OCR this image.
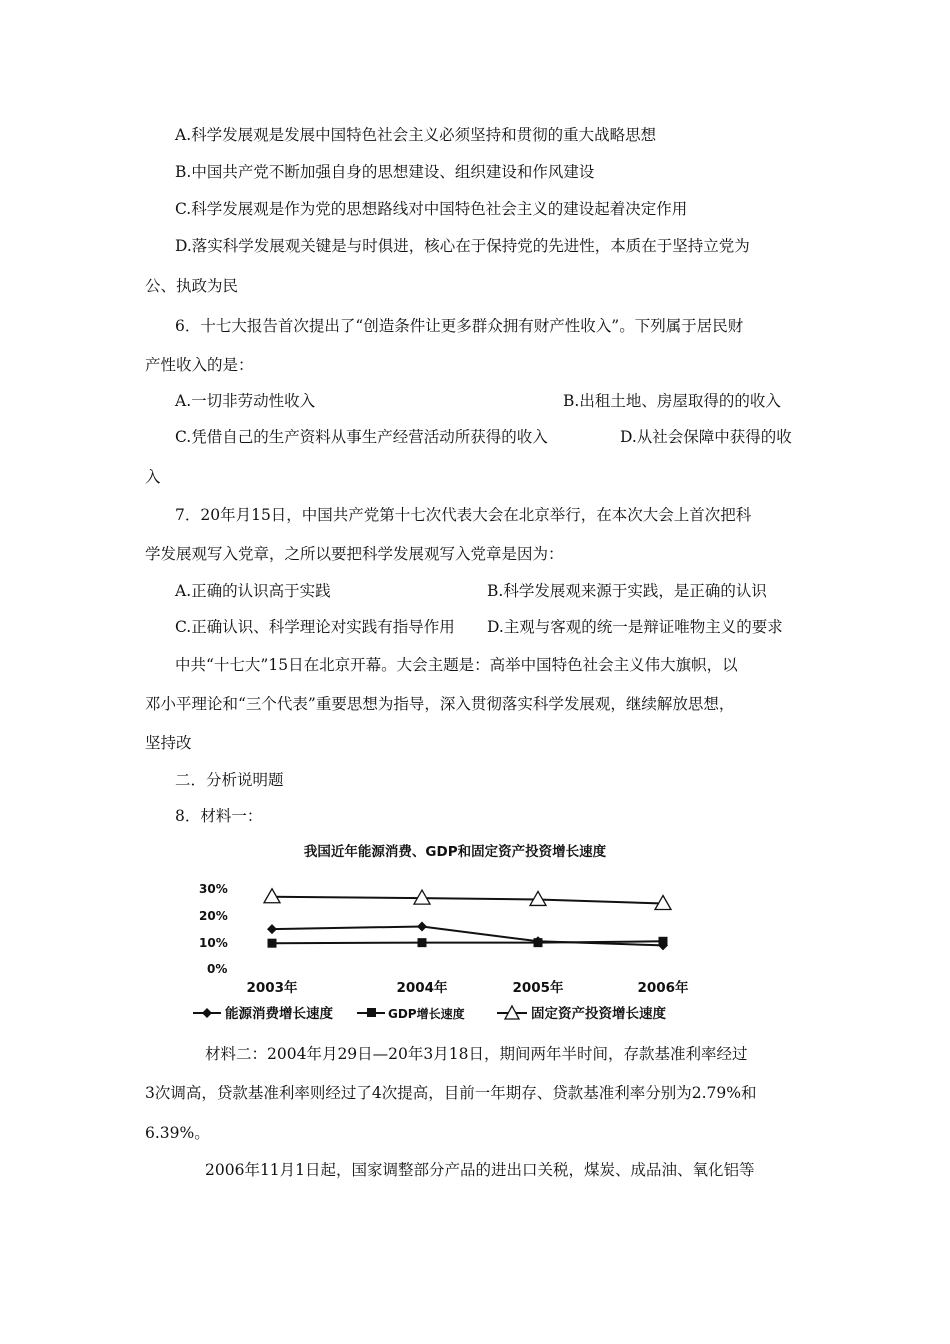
A.科学发展观是发展中国特色社会主义必须坚持和贯彻的重大战略思想
B.中国共产党不断加强自身的思想建设、组织建设和作风建设
C.科学发展观是作为党的思想路线对中国特色社会主义的建设起着决定作用
D.落实科学发展观关键是与时俱进，核心在于保持党的先进性，本质在于坚持立党为
公、执政为民
6．十七大报告首次提出了“创造条件让更多群众拥有财产性收入”。下列属于居民财
产性收入的是：
A.一切非劳动性收入	B.出租土地、房屋取得的的收入
C.凭借自己的生产资料从事生产经营活动所获得的收入	D.从社会保障中获得的收
入
7．20年月15日，中国共产党第十七次代表大会在北京举行，在本次大会上首次把科
学发展观写入党章，之所以要把科学发展观写入党章是因为：
A.正确的认识高于实践	B.科学发展观来源于实践，是正确的认识
C.正确认识、科学理论对实践有指导作用 D.主观与客观的统一是辩证唯物主义的要求
中共“十七大”15日在北京开幕。大会主题是：高举中国特色社会主义伟大旗帜，以
邓小平理论和“三个代表”重要思想为指导，深入贯彻落实科学发展观，继续解放思想，
坚持改
二．分析说明题
8．材料一：
材料二：2004年月29日—20年3月18日，期间两年半时间，存款基准利率经过
3次调高，贷款基准利率则经过了4次提高，目前一年期存、贷款基准利率分别为2.79%和
6.39%。
2006年11月1日起，国家调整部分产品的进出口关税，煤炭、成品油、氧化铝等
我国近年能源消费、GDP和固定资产投资增长速度
30%
20%
10%
0%
2003年	2004年	2005年	2006年
能源消费增长速度	GDP增长速度	固定资产投资增长速度
